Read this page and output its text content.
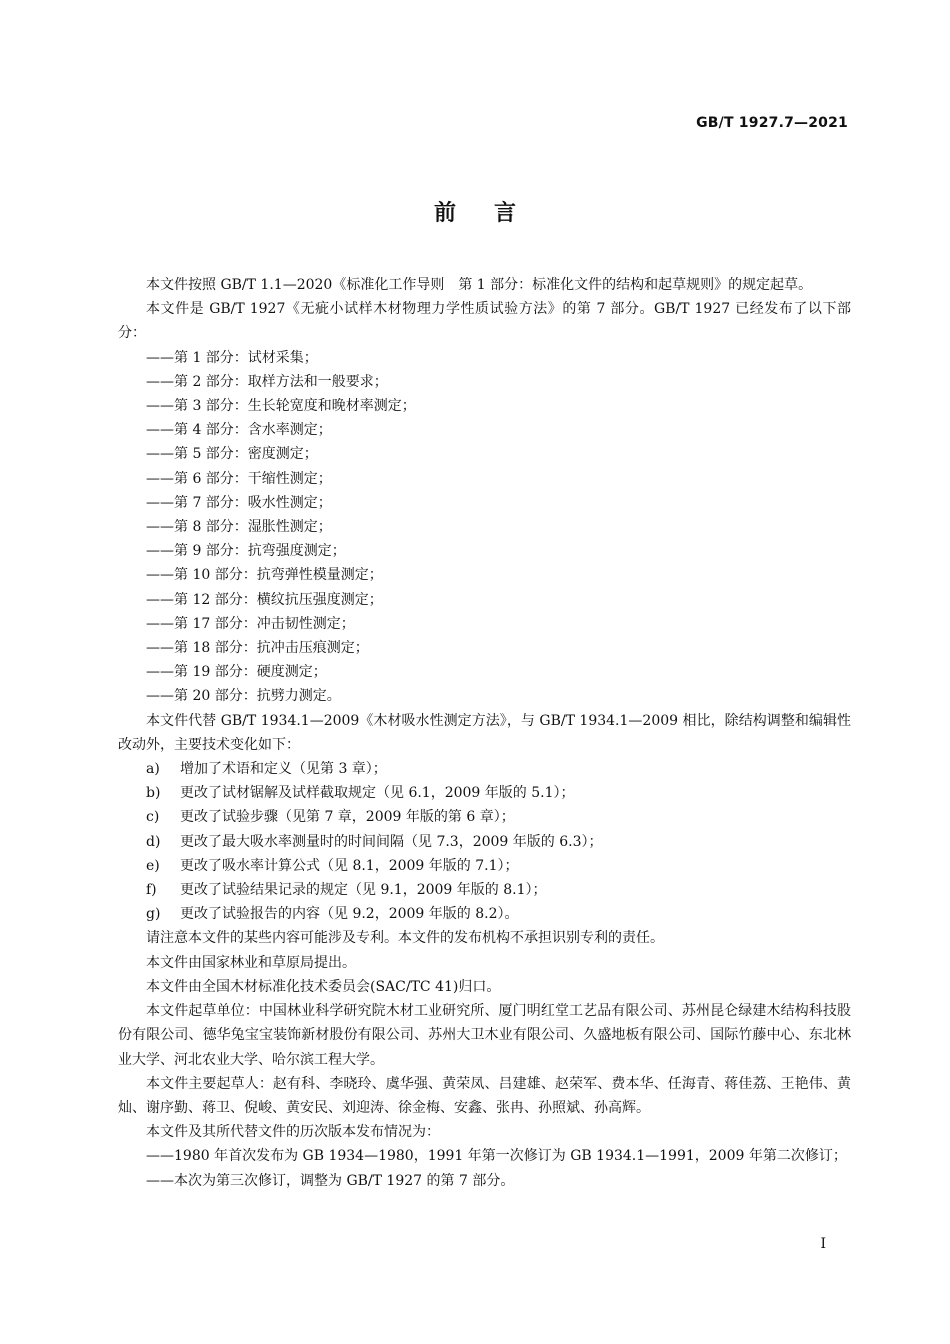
GB/T 1927.7—2021
前言

本文件按照 GB/T 1.1—2020《标准化工作导则　第 1 部分：标准化文件的结构和起草规则》的规定起草。

本文件是 GB/T 1927《无疵小试样木材物理力学性质试验方法》的第 7 部分。GB/T 1927 已经发布了以下部分：

——第 1 部分：试材采集；

——第 2 部分：取样方法和一般要求；

——第 3 部分：生长轮宽度和晚材率测定；

——第 4 部分：含水率测定；

——第 5 部分：密度测定；

——第 6 部分：干缩性测定；

——第 7 部分：吸水性测定；

——第 8 部分：湿胀性测定；

——第 9 部分：抗弯强度测定；

——第 10 部分：抗弯弹性模量测定；

——第 12 部分：横纹抗压强度测定；

——第 17 部分：冲击韧性测定；

——第 18 部分：抗冲击压痕测定；

——第 19 部分：硬度测定；

——第 20 部分：抗劈力测定。

本文件代替 GB/T 1934.1—2009《木材吸水性测定方法》，与 GB/T 1934.1—2009 相比，除结构调整和编辑性改动外，主要技术变化如下：

a) 增加了术语和定义（见第 3 章）；

b) 更改了试材锯解及试样截取规定（见 6.1，2009 年版的 5.1）；

c) 更改了试验步骤（见第 7 章，2009 年版的第 6 章）；

d) 更改了最大吸水率测量时的时间间隔（见 7.3，2009 年版的 6.3）；

e) 更改了吸水率计算公式（见 8.1，2009 年版的 7.1）；

f) 更改了试验结果记录的规定（见 9.1，2009 年版的 8.1）；

g) 更改了试验报告的内容（见 9.2，2009 年版的 8.2）。

请注意本文件的某些内容可能涉及专利。本文件的发布机构不承担识别专利的责任。

本文件由国家林业和草原局提出。

本文件由全国木材标准化技术委员会(SAC/TC 41)归口。

本文件起草单位：中国林业科学研究院木材工业研究所、厦门明红堂工艺品有限公司、苏州昆仑绿建木结构科技股份有限公司、德华兔宝宝装饰新材股份有限公司、苏州大卫木业有限公司、久盛地板有限公司、国际竹藤中心、东北林业大学、河北农业大学、哈尔滨工程大学。

本文件主要起草人：赵有科、李晓玲、虞华强、黄荣凤、吕建雄、赵荣军、费本华、任海青、蒋佳荔、王艳伟、黄灿、谢序勤、蒋卫、倪峻、黄安民、刘迎涛、徐金梅、安鑫、张冉、孙照斌、孙高辉。

本文件及其所代替文件的历次版本发布情况为：

——1980 年首次发布为 GB 1934—1980，1991 年第一次修订为 GB 1934.1—1991，2009 年第二次修订；

——本次为第三次修订，调整为 GB/T 1927 的第 7 部分。

I
